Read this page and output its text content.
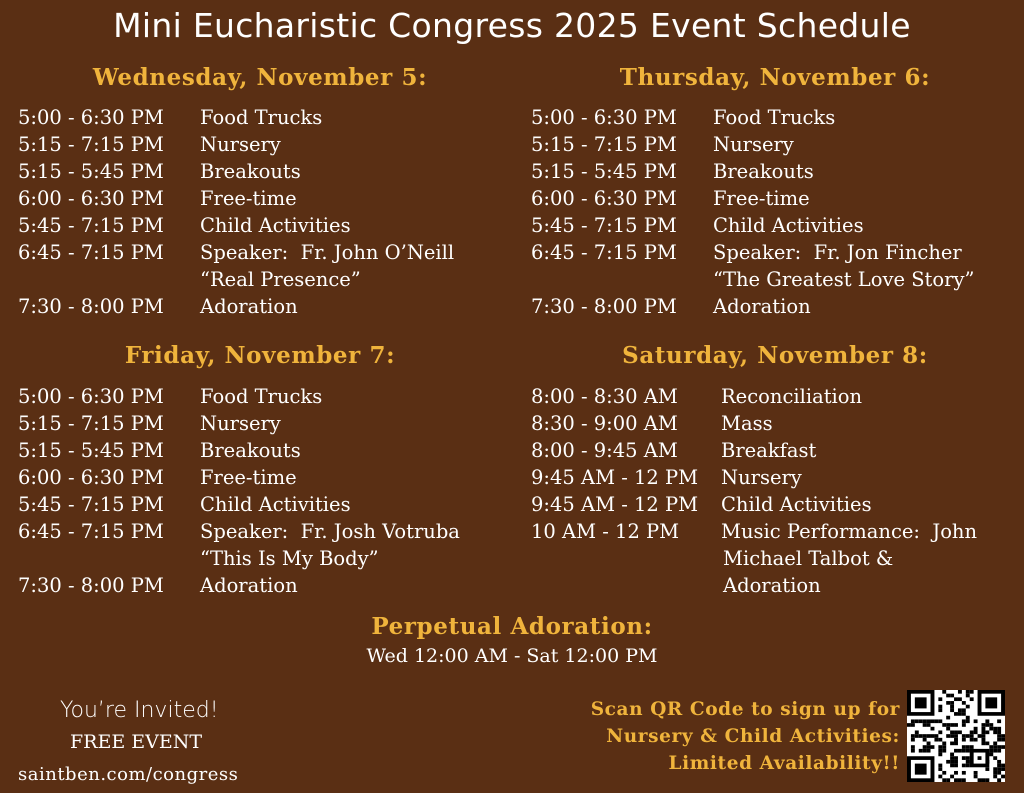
Mini Eucharistic Congress 2025 Event Schedule
Wednesday, November 5:
5:00 - 6:30 PM	Food Trucks
5:15 - 7:15 PM	Nursery
5:15 - 5:45 PM	Breakouts
6:00 - 6:30 PM	Free-time
5:45 - 7:15 PM	Child Activities
6:45 - 7:15 PM	Speaker:  Fr. John O’Neill
“Real Presence”
7:30 - 8:00 PM	Adoration
Thursday, November 6:
5:00 - 6:30 PM	Food Trucks
5:15 - 7:15 PM	Nursery
5:15 - 5:45 PM	Breakouts
6:00 - 6:30 PM	Free-time
5:45 - 7:15 PM	Child Activities
6:45 - 7:15 PM	Speaker:  Fr. Jon Fincher
“The Greatest Love Story”
7:30 - 8:00 PM	Adoration
Friday, November 7:
5:00 - 6:30 PM	Food Trucks
5:15 - 7:15 PM	Nursery
5:15 - 5:45 PM	Breakouts
6:00 - 6:30 PM	Free-time
5:45 - 7:15 PM	Child Activities
6:45 - 7:15 PM	Speaker:  Fr. Josh Votruba
“This Is My Body”
7:30 - 8:00 PM	Adoration
Saturday, November 8:
8:00 - 8:30 AM	Reconciliation
8:30 - 9:00 AM	Mass
8:00 - 9:45 AM	Breakfast
9:45 AM - 12 PM	Nursery
9:45 AM - 12 PM	Child Activities
10 AM - 12 PM	Music Performance:  John
Michael Talbot &
Adoration
Perpetual Adoration:
Wed 12:00 AM - Sat 12:00 PM
You’re Invited!
FREE EVENT
saintben.com/congress
Scan QR Code to sign up for
Nursery & Child Activities:
Limited Availability!!
